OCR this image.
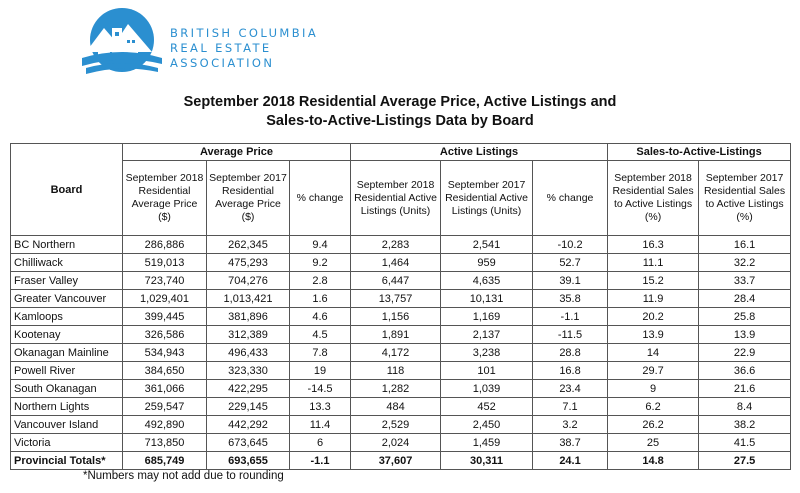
BRITISH COLUMBIA
REAL ESTATE
ASSOCIATION
September 2018 Residential Average Price, Active Listings and
Sales-to-Active-Listings Data by Board
Board	Average Price			Active Listings			Sales-to-Active-Listings	
	September 2018 Residential Average Price ($)	September 2017 Residential Average Price ($)	% change	September 2018 Residential Active Listings (Units)	September 2017 Residential Active Listings (Units)	% change	September 2018 Residential Sales to Active Listings (%)	September 2017 Residential Sales to Active Listings (%)
BC Northern	286,886	262,345	9.4	2,283	2,541	-10.2	16.3	16.1
Chilliwack	519,013	475,293	9.2	1,464	959	52.7	11.1	32.2
Fraser Valley	723,740	704,276	2.8	6,447	4,635	39.1	15.2	33.7
Greater Vancouver	1,029,401	1,013,421	1.6	13,757	10,131	35.8	11.9	28.4
Kamloops	399,445	381,896	4.6	1,156	1,169	-1.1	20.2	25.8
Kootenay	326,586	312,389	4.5	1,891	2,137	-11.5	13.9	13.9
Okanagan Mainline	534,943	496,433	7.8	4,172	3,238	28.8	14	22.9
Powell River	384,650	323,330	19	118	101	16.8	29.7	36.6
South Okanagan	361,066	422,295	-14.5	1,282	1,039	23.4	9	21.6
Northern Lights	259,547	229,145	13.3	484	452	7.1	6.2	8.4
Vancouver Island	492,890	442,292	11.4	2,529	2,450	3.2	26.2	38.2
Victoria	713,850	673,645	6	2,024	1,459	38.7	25	41.5
Provincial Totals*	685,749	693,655	-1.1	37,607	30,311	24.1	14.8	27.5
*Numbers may not add due to rounding
